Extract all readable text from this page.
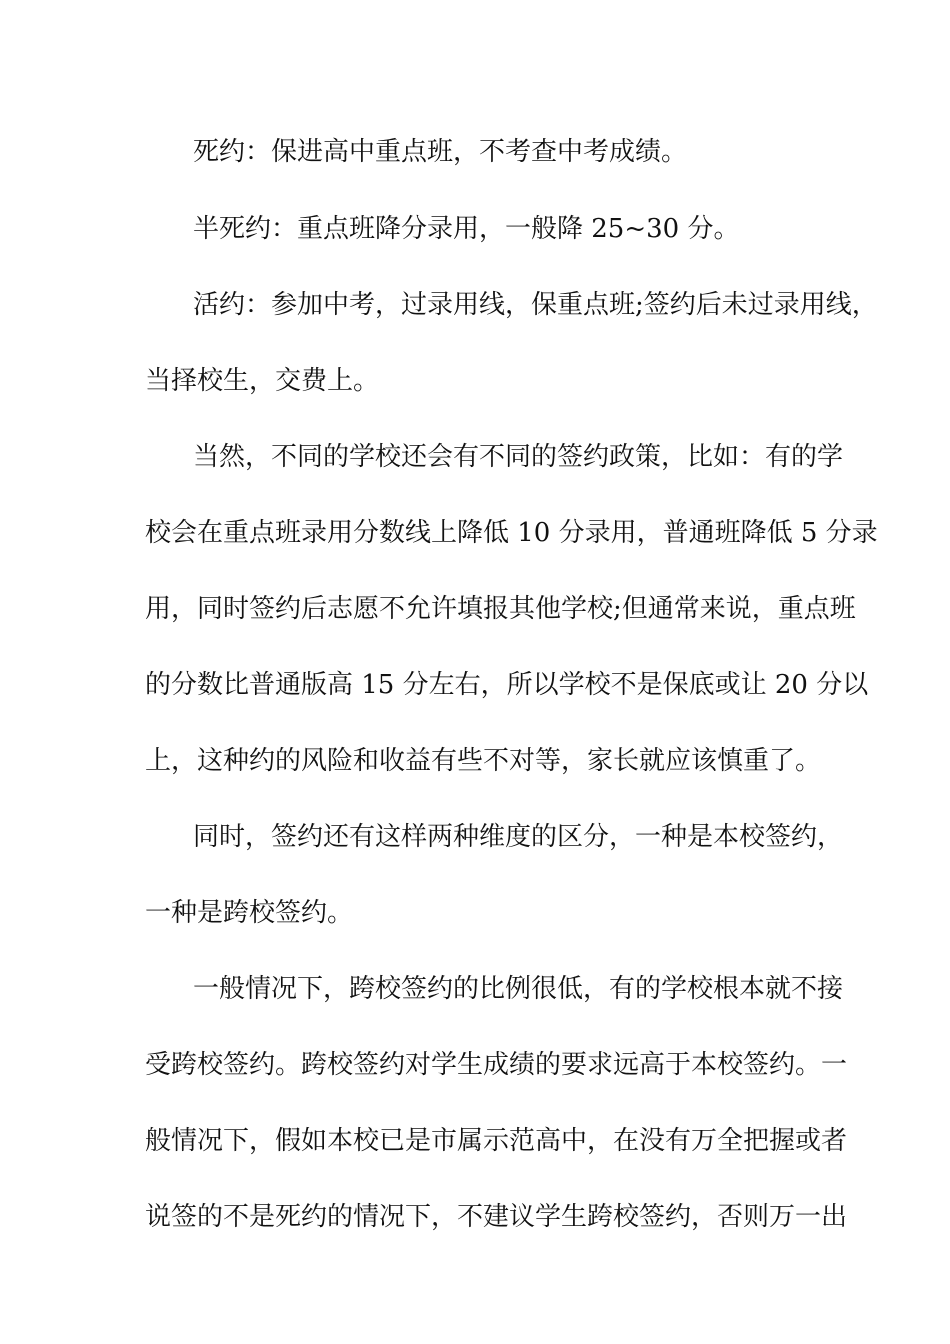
死约：保进高中重点班，不考查中考成绩。
半死约：重点班降分录用，一般降 25~30 分。
活约：参加中考，过录用线，保重点班;签约后未过录用线，
当择校生，交费上。
当然，不同的学校还会有不同的签约政策，比如：有的学
校会在重点班录用分数线上降低 10 分录用，普通班降低 5 分录
用，同时签约后志愿不允许填报其他学校;但通常来说，重点班
的分数比普通版高 15 分左右，所以学校不是保底或让 20 分以
上，这种约的风险和收益有些不对等，家长就应该慎重了。
同时，签约还有这样两种维度的区分，一种是本校签约，
一种是跨校签约。
一般情况下，跨校签约的比例很低，有的学校根本就不接
受跨校签约。跨校签约对学生成绩的要求远高于本校签约。一
般情况下，假如本校已是市属示范高中，在没有万全把握或者
说签的不是死约的情况下，不建议学生跨校签约，否则万一出
